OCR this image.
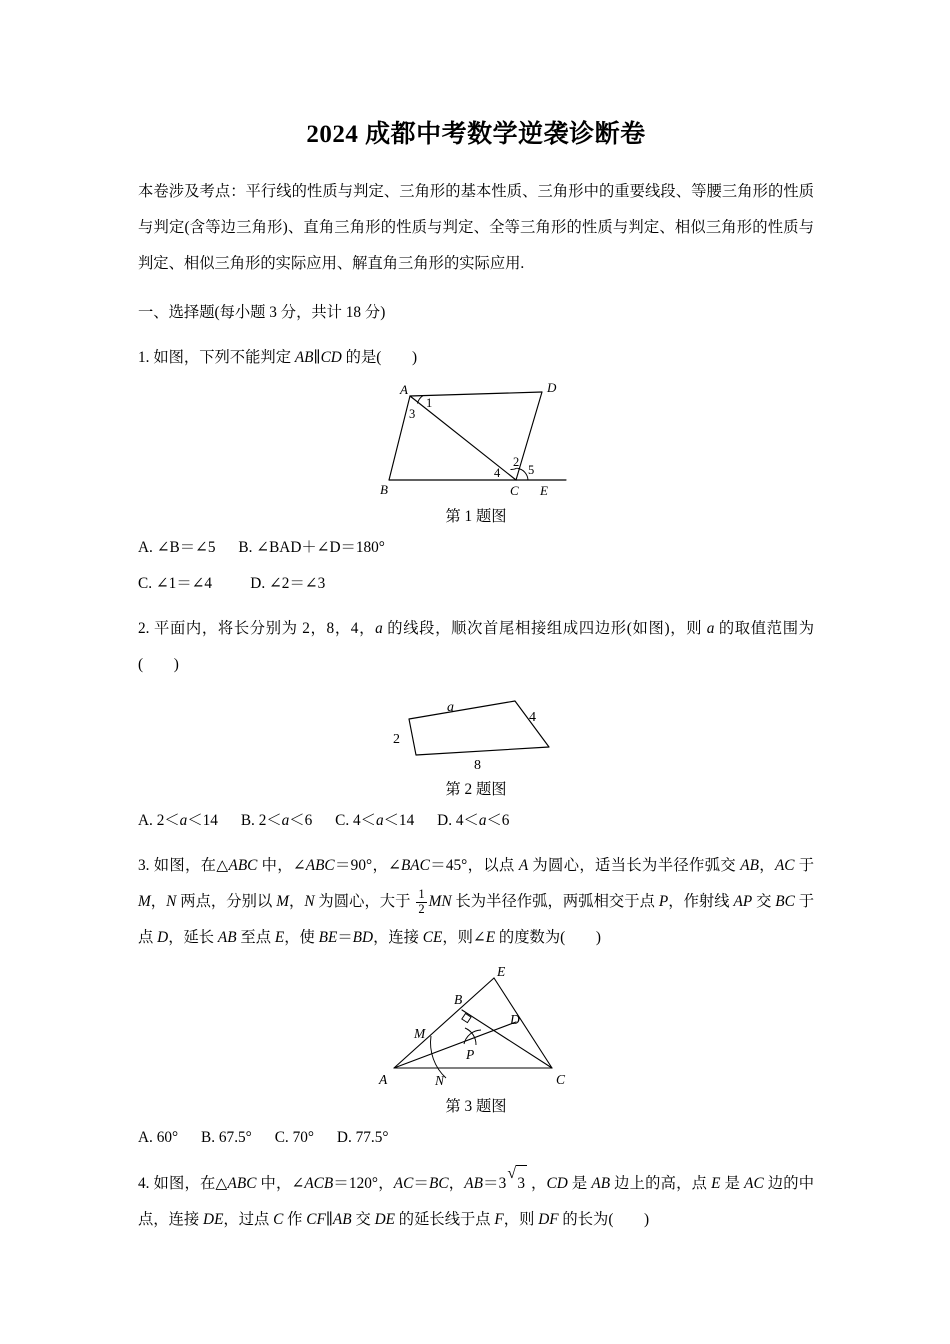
2024 成都中考数学逆袭诊断卷

本卷涉及考点：平行线的性质与判定、三角形的基本性质、三角形中的重要线段、等腰三角形的性质与判定(含等边三角形)、直角三角形的性质与判定、全等三角形的性质与判定、相似三角形的性质与判定、相似三角形的实际应用、解直角三角形的实际应用.

一、选择题(每小题 3 分，共计 18 分)

1. 如图，下列不能判定 AB∥CD 的是(　　)

A	D
B	C E
1
3
2
4 5

第 1 题图

A. ∠B＝∠5 B. ∠BAD＋∠D＝180°

C. ∠1＝∠4 D. ∠2＝∠3

2. 平面内，将长分别为 2，8，4，a 的线段，顺次首尾相接组成四边形(如图)，则 a 的取值范围为(　　)

a
4
8
2

第 2 题图

A. 2＜a＜14 B. 2＜a＜6 C. 4＜a＜14 D. 4＜a＜6

3. 如图，在△ABC 中，∠ABC＝90°，∠BAC＝45°，以点 A 为圆心，适当长为半径作弧交 AB，AC 于 M，N 两点，分别以 M，N 为圆心，大于 $\frac{1}{2}$ MN 长为半径作弧，两弧相交于点 P，作射线 AP 交 BC 于点 D，延长 AB 至点 E，使 BE＝BD，连接 CE，则∠E 的度数为(　　)

A	C
B
E
D
M
N
P

第 3 题图

A. 60° B. 67.5° C. 70° D. 77.5°

4. 如图，在△ABC 中，∠ACB＝120°，AC＝BC，AB＝3
√
3 ，CD 是 AB 边上的高，点 E 是 AC 边的中点，连接 DE，过点 C 作 CF∥AB 交 DE 的延长线于点 F，则 DF 的长为(　　)
